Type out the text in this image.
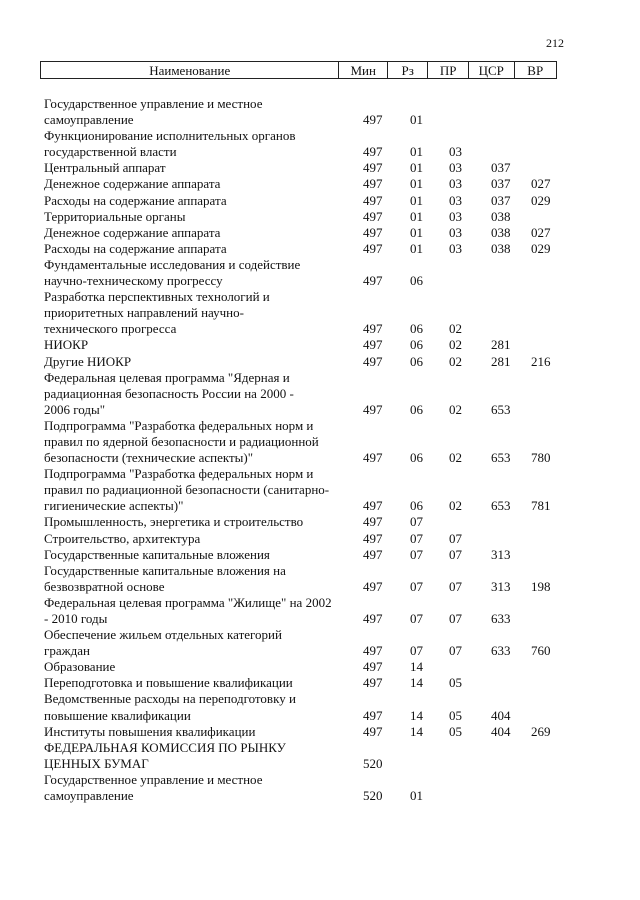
212
Наименование	Мин	Рз	ПР	ЦСР	ВР
Государственное управление и местное самоуправление	497 01
Функционирование исполнительных органов государственной власти	497 01 03
Центральный аппарат	497 01 03 037
Денежное содержание аппарата	497 01 03 037 027
Расходы на содержание аппарата	497 01 03 037 029
Территориальные органы	497 01 03 038
Денежное содержание аппарата	497 01 03 038 027
Расходы на содержание аппарата	497 01 03 038 029
Фундаментальные исследования и содействие научно-техническому прогрессу	497 06
Разработка перспективных технологий и приоритетных направлений научно-технического прогресса	497 06 02
НИОКР	497 06 02 281
Другие НИОКР	497 06 02 281 216
Федеральная целевая программа "Ядерная и радиационная безопасность России на 2000 - 2006 годы"	497 06 02 653
Подпрограмма "Разработка федеральных норм и правил по ядерной безопасности и радиационной безопасности (технические аспекты)"	497 06 02 653 780
Подпрограмма "Разработка федеральных норм и правил по радиационной безопасности (санитарно-гигиенические аспекты)"	497 06 02 653 781
Промышленность, энергетика и строительство	497 07
Строительство, архитектура	497 07 07
Государственные капитальные вложения	497 07 07 313
Государственные капитальные вложения на безвозвратной основе	497 07 07 313 198
Федеральная целевая программа "Жилище" на 2002 - 2010 годы	497 07 07 633
Обеспечение жильем отдельных категорий граждан	497 07 07 633 760
Образование	497 14
Переподготовка и повышение квалификации	497 14 05
Ведомственные расходы на переподготовку и повышение квалификации	497 14 05 404
Институты повышения квалификации	497 14 05 404 269
ФЕДЕРАЛЬНАЯ КОМИССИЯ ПО РЫНКУ ЦЕННЫХ БУМАГ	520
Государственное управление и местное самоуправление	520 01
